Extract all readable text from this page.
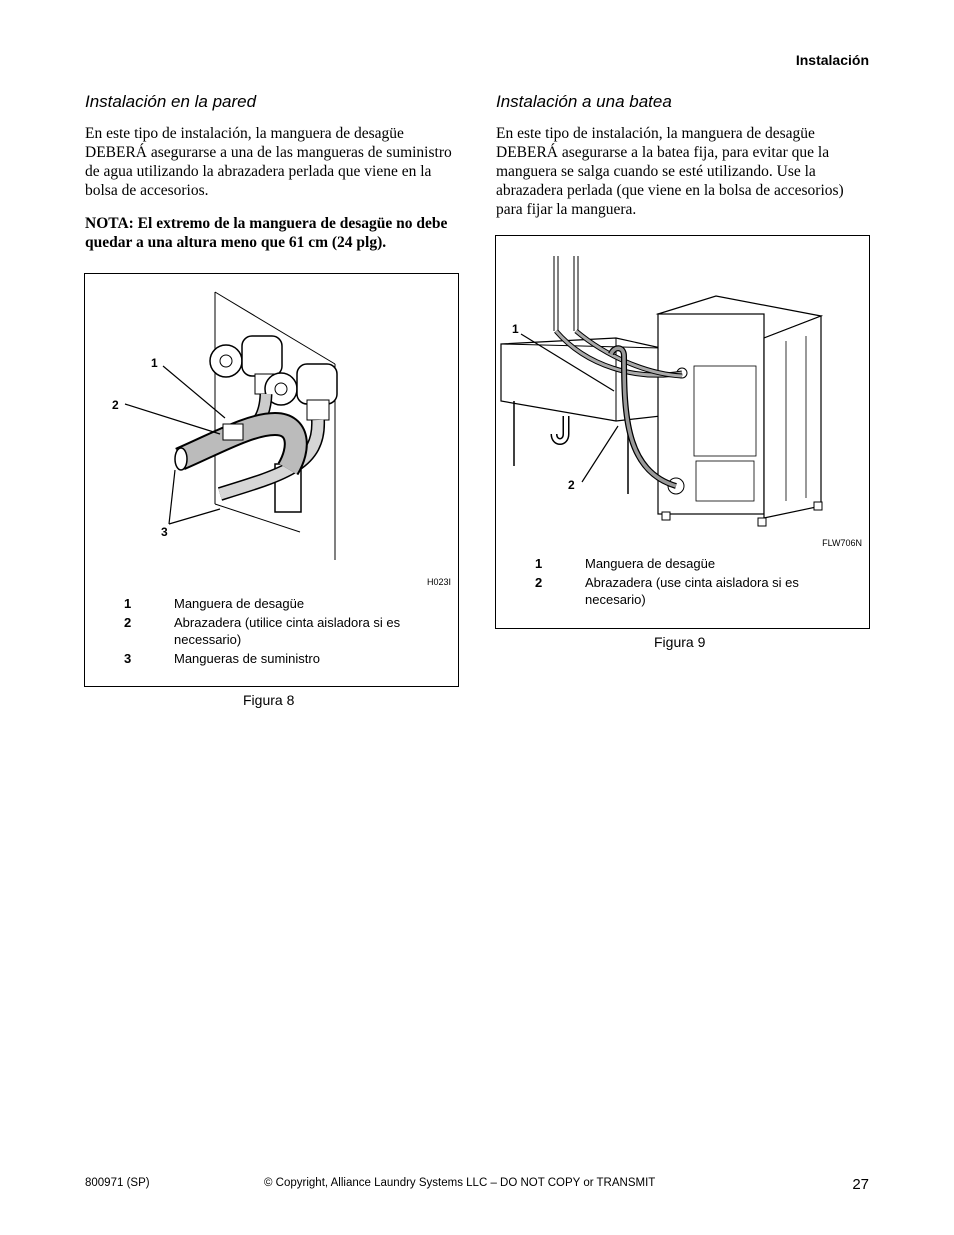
Instalación
Instalación en la pared

En este tipo de instalación, la manguera de desagüe DEBERÁ asegurarse a una de las mangueras de suministro de agua utilizando la abrazadera perlada que viene en la bolsa de accesorios.

NOTA: El extremo de la manguera de desagüe no debe quedar a una altura meno que 61 cm (24 plg).

1
2
3
H023I
1	Manguera de desagüe
2	Abrazadera (utilice cinta aisladora si es necessario)
3	Mangueras de suministro
Figura 8
Instalación a una batea

En este tipo de instalación, la manguera de desagüe DEBERÁ asegurarse a la batea fija, para evitar que la manguera se salga cuando se esté utilizando. Use la abrazadera perlada (que viene en la bolsa de accesorios) para fijar la manguera.

1
2
FLW706N
1	Manguera de desagüe
2	Abrazadera (use cinta aisladora si es necesario)
Figura 9
800971 (SP)	© Copyright, Alliance Laundry Systems LLC – DO NOT COPY or TRANSMIT	27
